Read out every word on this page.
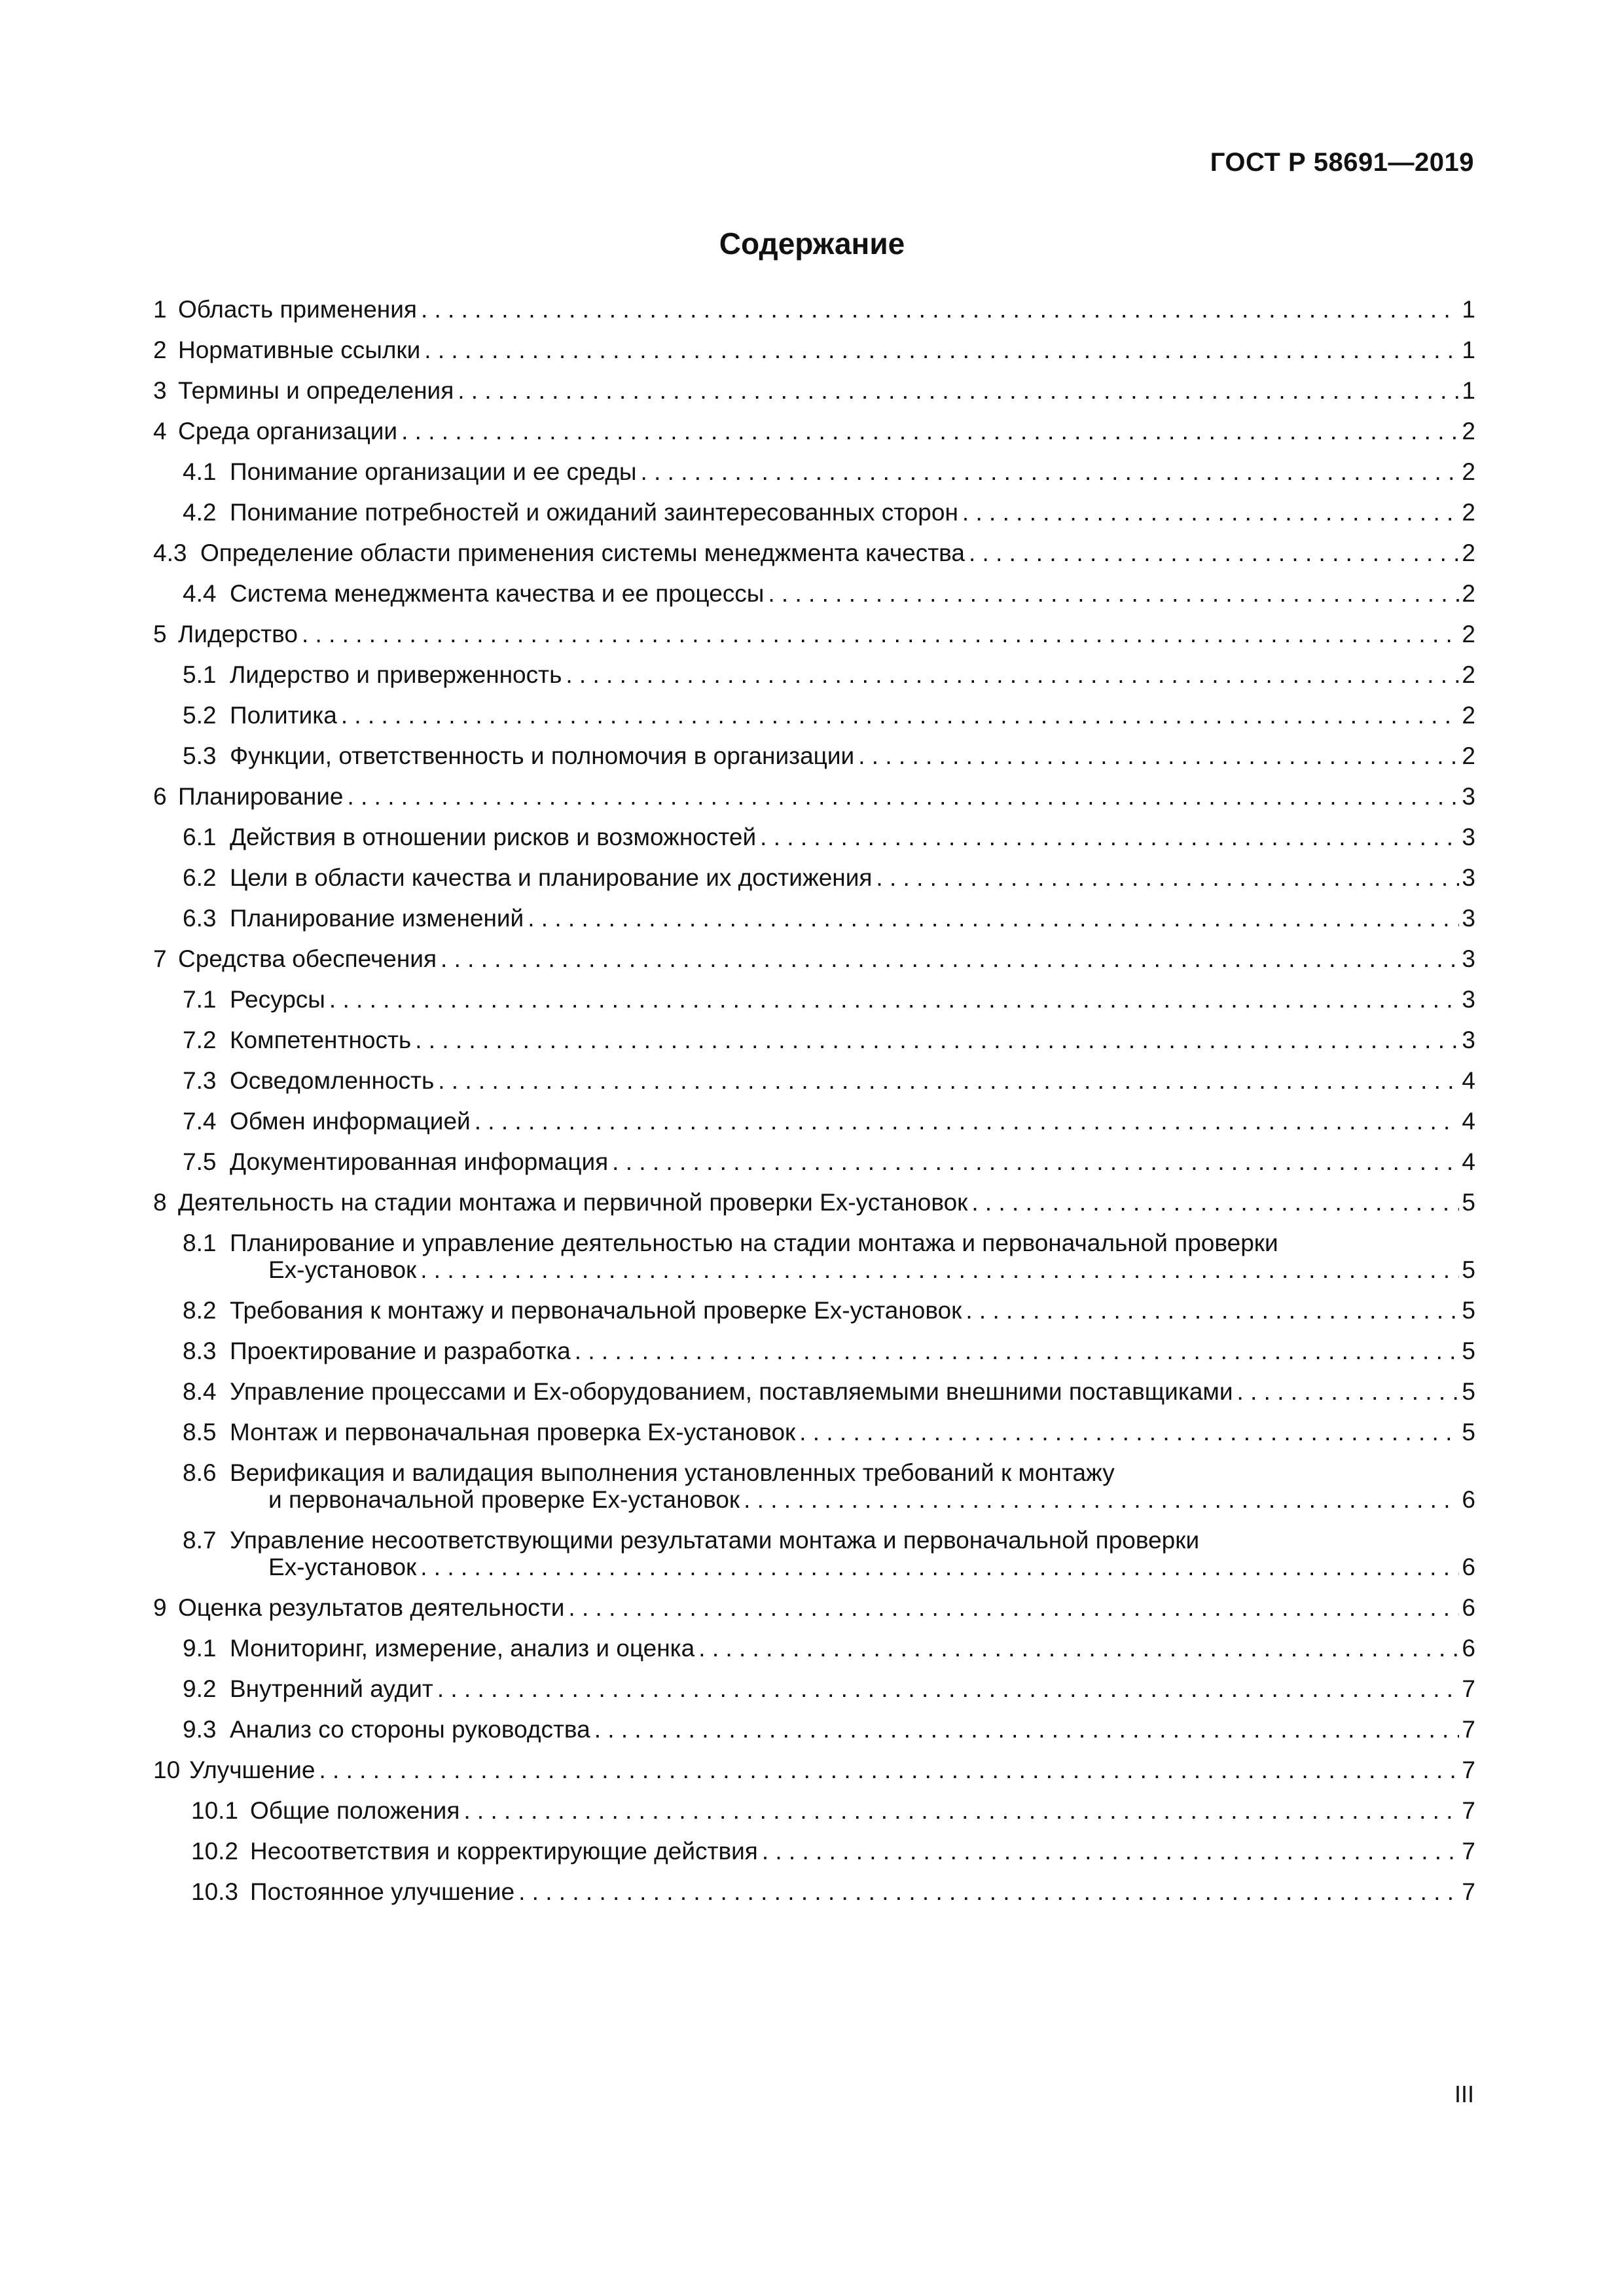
ГОСТ Р 58691—2019
Содержание
1 Область применения . . .	1
2 Нормативные ссылки . . .	1
3 Термины и определения . . .	1
4 Среда организации . . .	2
4.1 Понимание организации и ее среды . . .	2
4.2 Понимание потребностей и ожиданий заинтересованных сторон . . .	2
4.3 Определение области применения системы менеджмента качества . . .	2
4.4 Система менеджмента качества и ее процессы . . .	2
5 Лидерство . . .	2
5.1 Лидерство и приверженность . . .	2
5.2 Политика . . .	2
5.3 Функции, ответственность и полномочия в организации . . .	2
6 Планирование . . .	3
6.1 Действия в отношении рисков и возможностей . . .	3
6.2 Цели в области качества и планирование их достижения . . .	3
6.3 Планирование изменений . . .	3
7 Средства обеспечения . . .	3
7.1 Ресурсы . . .	3
7.2 Компетентность . . .	3
7.3 Осведомленность . . .	4
7.4 Обмен информацией . . .	4
7.5 Документированная информация . . .	4
8 Деятельность на стадии монтажа и первичной проверки Ex-установок . . .	5
8.1 Планирование и управление деятельностью на стадии монтажа и первоначальной проверки
Ex-установок . . .	5
8.2 Требования к монтажу и первоначальной проверке Ex-установок . . .	5
8.3 Проектирование и разработка . . .	5
8.4 Управление процессами и Ex-оборудованием, поставляемыми внешними поставщиками . . .	5
8.5 Монтаж и первоначальная проверка Ex-установок . . .	5
8.6 Верификация и валидация выполнения установленных требований к монтажу
и первоначальной проверке Ex-установок . . .	6
8.7 Управление несоответствующими результатами монтажа и первоначальной проверки
Ex-установок . . .	6
9 Оценка результатов деятельности . . .	6
9.1 Мониторинг, измерение, анализ и оценка . . .	6
9.2 Внутренний аудит . . .	7
9.3 Анализ со стороны руководства . . .	7
10 Улучшение . . .	7
10.1 Общие положения . . .	7
10.2 Несоответствия и корректирующие действия . . .	7
10.3 Постоянное улучшение . . .	7
III
